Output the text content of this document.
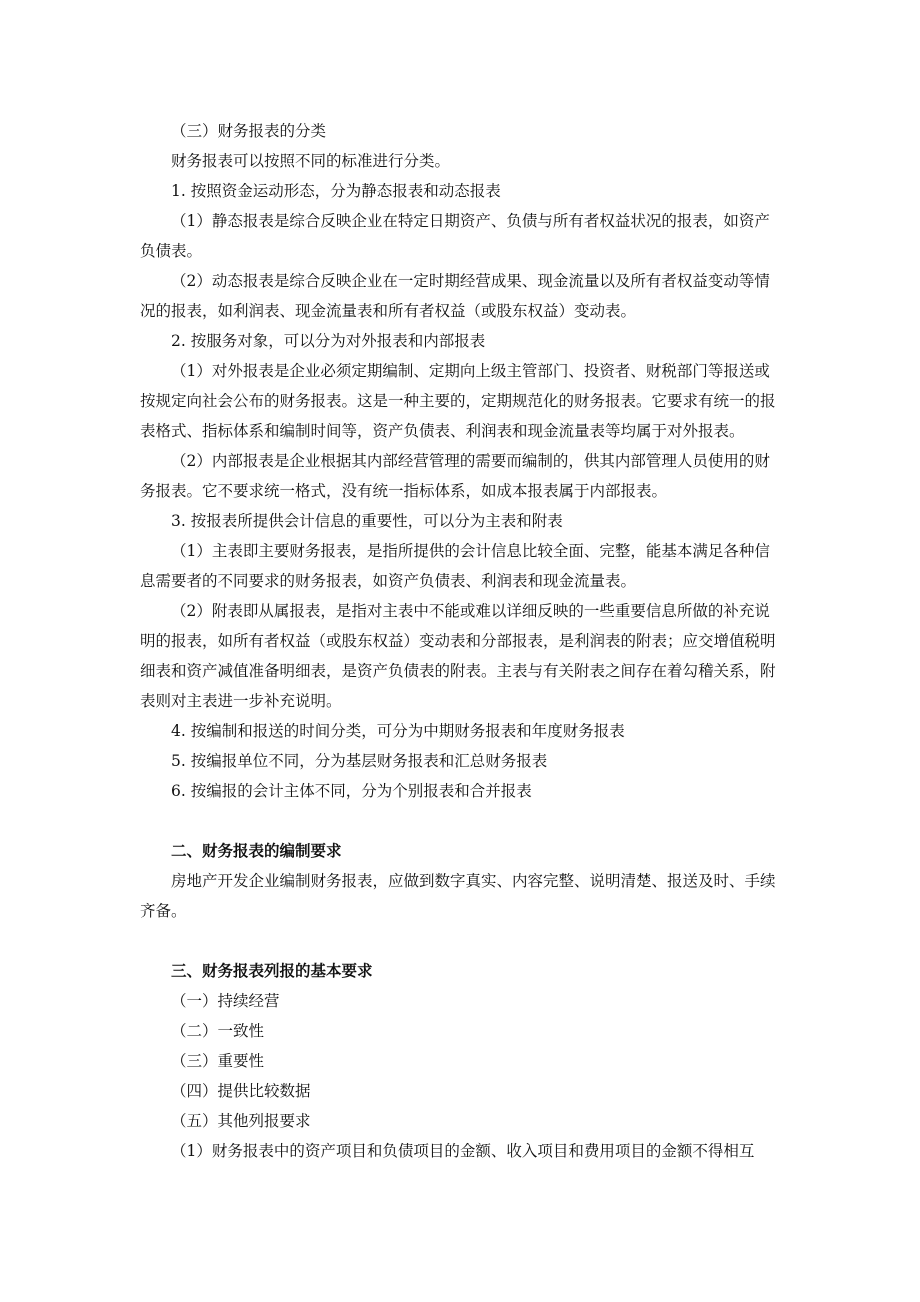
（三）财务报表的分类

财务报表可以按照不同的标准进行分类。

1. 按照资金运动形态，分为静态报表和动态报表

（1）静态报表是综合反映企业在特定日期资产、负债与所有者权益状况的报表，如资产负债表。

（2）动态报表是综合反映企业在一定时期经营成果、现金流量以及所有者权益变动等情况的报表，如利润表、现金流量表和所有者权益（或股东权益）变动表。

2. 按服务对象，可以分为对外报表和内部报表

（1）对外报表是企业必须定期编制、定期向上级主管部门、投资者、财税部门等报送或按规定向社会公布的财务报表。这是一种主要的，定期规范化的财务报表。它要求有统一的报表格式、指标体系和编制时间等，资产负债表、利润表和现金流量表等均属于对外报表。

（2）内部报表是企业根据其内部经营管理的需要而编制的，供其内部管理人员使用的财务报表。它不要求统一格式，没有统一指标体系，如成本报表属于内部报表。

3. 按报表所提供会计信息的重要性，可以分为主表和附表

（1）主表即主要财务报表，是指所提供的会计信息比较全面、完整，能基本满足各种信息需要者的不同要求的财务报表，如资产负债表、利润表和现金流量表。

（2）附表即从属报表，是指对主表中不能或难以详细反映的一些重要信息所做的补充说明的报表，如所有者权益（或股东权益）变动表和分部报表，是利润表的附表；应交增值税明细表和资产减值准备明细表，是资产负债表的附表。主表与有关附表之间存在着勾稽关系，附表则对主表进一步补充说明。

4. 按编制和报送的时间分类，可分为中期财务报表和年度财务报表

5. 按编报单位不同，分为基层财务报表和汇总财务报表

6. 按编报的会计主体不同，分为个别报表和合并报表

二、财务报表的编制要求

房地产开发企业编制财务报表，应做到数字真实、内容完整、说明清楚、报送及时、手续齐备。

三、财务报表列报的基本要求

（一）持续经营

（二）一致性

（三）重要性

（四）提供比较数据

（五）其他列报要求

（1）财务报表中的资产项目和负债项目的金额、收入项目和费用项目的金额不得相互
